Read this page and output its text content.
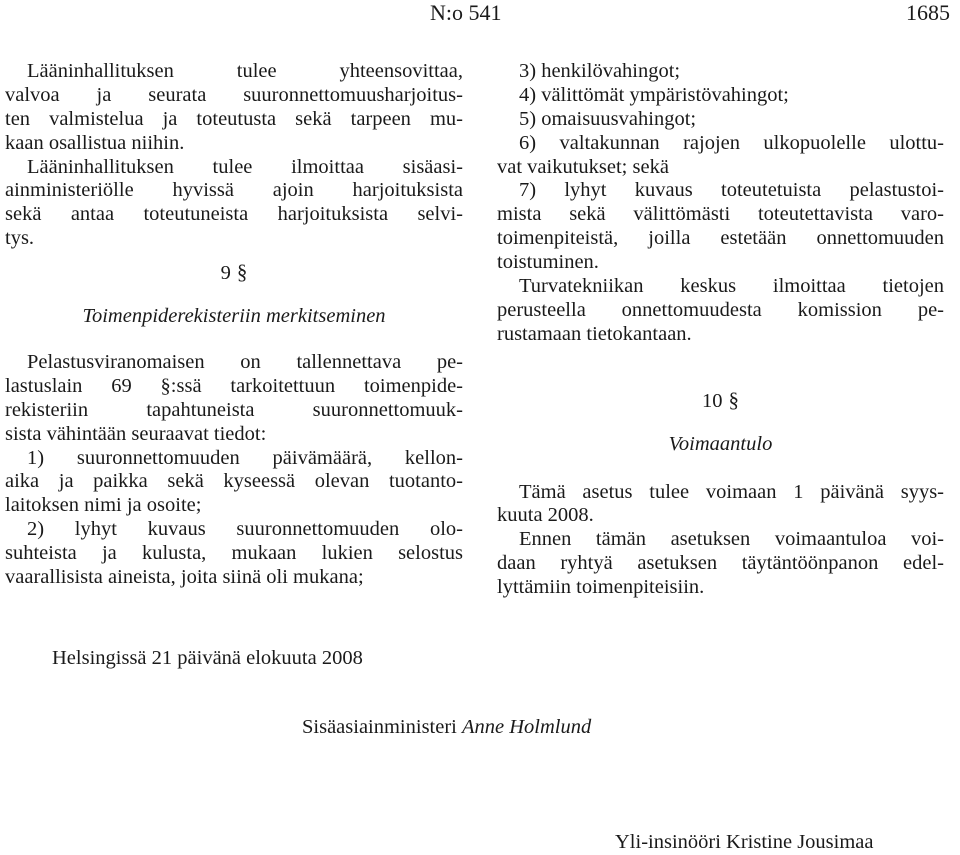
N:o 541	1685
Lääninhallituksen tulee yhteensovittaa,
valvoa ja seurata suuronnettomuusharjoitus-
ten valmistelua ja toteutusta sekä tarpeen mu-
kaan osallistua niihin.
Lääninhallituksen tulee ilmoittaa sisäasi-
ainministeriölle hyvissä ajoin harjoituksista
sekä antaa toteutuneista harjoituksista selvi-
tys.
9 §
Toimenpiderekisteriin merkitseminen
Pelastusviranomaisen on tallennettava pe-
lastuslain 69 §:ssä tarkoitettuun toimenpide-
rekisteriin tapahtuneista suuronnettomuuk-
sista vähintään seuraavat tiedot:
1) suuronnettomuuden päivämäärä, kellon-
aika ja paikka sekä kyseessä olevan tuotanto-
laitoksen nimi ja osoite;
2) lyhyt kuvaus suuronnettomuuden olo-
suhteista ja kulusta, mukaan lukien selostus
vaarallisista aineista, joita siinä oli mukana;
3) henkilövahingot;
4) välittömät ympäristövahingot;
5) omaisuusvahingot;
6) valtakunnan rajojen ulkopuolelle ulottu-
vat vaikutukset; sekä
7) lyhyt kuvaus toteutetuista pelastustoi-
mista sekä välittömästi toteutettavista varo-
toimenpiteistä, joilla estetään onnettomuuden
toistuminen.
Turvatekniikan keskus ilmoittaa tietojen
perusteella onnettomuudesta komission pe-
rustamaan tietokantaan.
10 §
Voimaantulo
Tämä asetus tulee voimaan 1 päivänä syys-
kuuta 2008.
Ennen tämän asetuksen voimaantuloa voi-
daan ryhtyä asetuksen täytäntöönpanon edel-
lyttämiin toimenpiteisiin.
Helsingissä 21 päivänä elokuuta 2008
Sisäasiainministeri Anne Holmlund
Yli-insinööri Kristine Jousimaa
